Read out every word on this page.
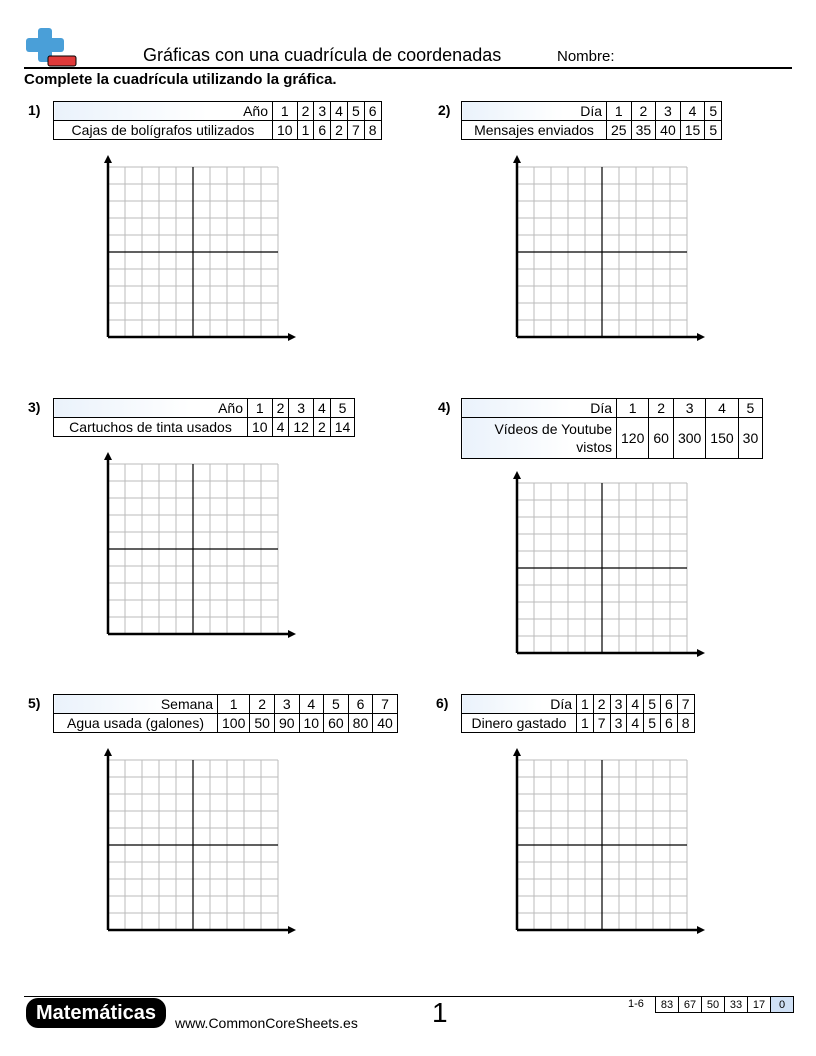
Gráficas con una cuadrícula de coordenadas	Nombre:
Complete la cuadrícula utilizando la gráfica.
1)	Año	1	2	3	4	5	6
Cajas de bolígrafos utilizados	10	1	6	2	7	8
2)	Día	1	2	3	4	5
Mensajes enviados	25	35	40	15	5
3)	Año	1	2	3	4	5
Cartuchos de tinta usados	10	4	12	2	14
4)	Día	1	2	3	4	5
Vídeos de Youtube vistos	120	60	300	150	30
5)	Semana	1	2	3	4	5	6	7
Agua usada (galones)	100	50	90	10	60	80	40
6)	Día	1	2	3	4	5	6	7
Dinero gastado	1	7	3	4	5	6	8
Matemáticas	www.CommonCoreSheets.es	1	1-6 83	67	50	33	17	0
